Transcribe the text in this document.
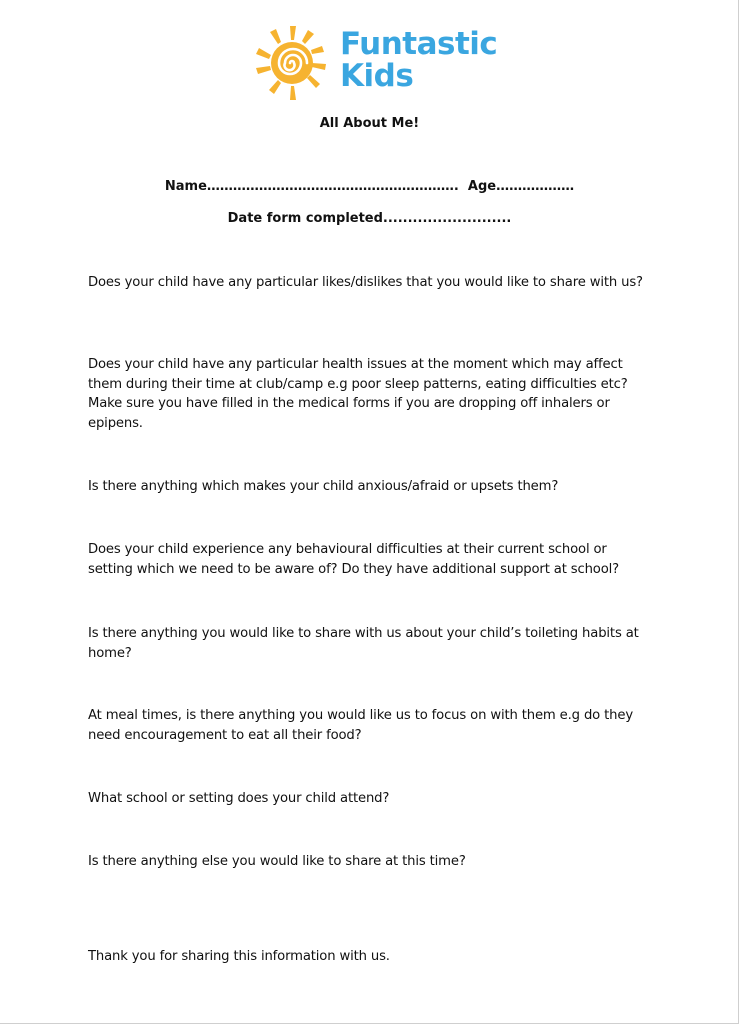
Funtastic
Kids
All About Me!
Name………………………………………………….  Age………………
Date form completed..........................
Does your child have any particular likes/dislikes that you would like to share with us?
Does your child have any particular health issues at the moment which may affect them during their time at club/camp e.g poor sleep patterns, eating difficulties etc? Make sure you have filled in the medical forms if you are dropping off inhalers or epipens.
Is there anything which makes your child anxious/afraid or upsets them?
Does your child experience any behavioural difficulties at their current school or setting which we need to be aware of? Do they have additional support at school?
Is there anything you would like to share with us about your child’s toileting habits at home?
At meal times, is there anything you would like us to focus on with them e.g do they need encouragement to eat all their food?
What school or setting does your child attend?
Is there anything else you would like to share at this time?
Thank you for sharing this information with us.
